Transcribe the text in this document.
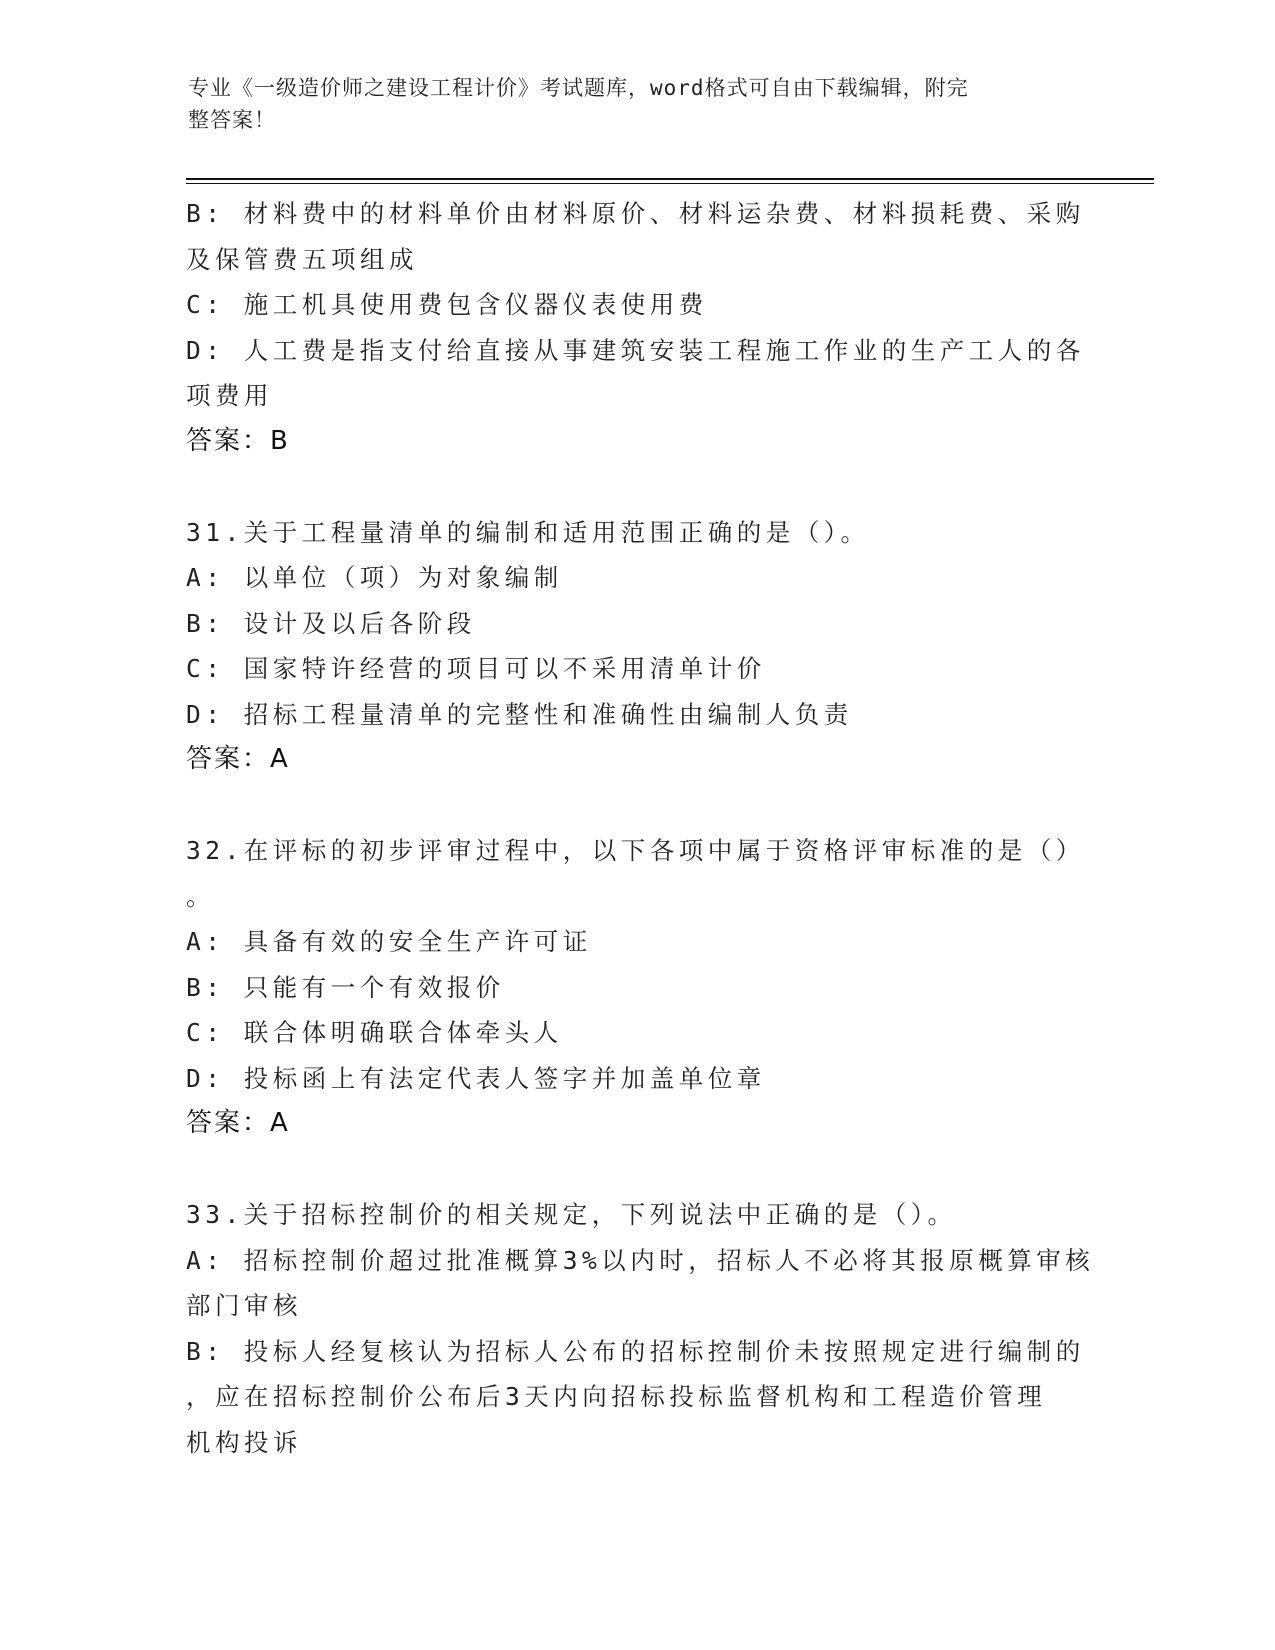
专业《一级造价师之建设工程计价》考试题库，word格式可自由下载编辑，附完
整答案！
B: 材料费中的材料单价由材料原价、材料运杂费、材料损耗费、采购
及保管费五项组成
C: 施工机具使用费包含仪器仪表使用费
D: 人工费是指支付给直接从事建筑安装工程施工作业的生产工人的各
项费用
答案：B
31.关于工程量清单的编制和适用范围正确的是（）。
A: 以单位（项）为对象编制
B: 设计及以后各阶段
C: 国家特许经营的项目可以不采用清单计价
D: 招标工程量清单的完整性和准确性由编制人负责
答案：A
32.在评标的初步评审过程中，以下各项中属于资格评审标准的是（）
。
A: 具备有效的安全生产许可证
B: 只能有一个有效报价
C: 联合体明确联合体牵头人
D: 投标函上有法定代表人签字并加盖单位章
答案：A
33.关于招标控制价的相关规定，下列说法中正确的是（）。
A: 招标控制价超过批准概算3%以内时，招标人不必将其报原概算审核
部门审核
B: 投标人经复核认为招标人公布的招标控制价未按照规定进行编制的
，应在招标控制价公布后3天内向招标投标监督机构和工程造价管理
机构投诉
